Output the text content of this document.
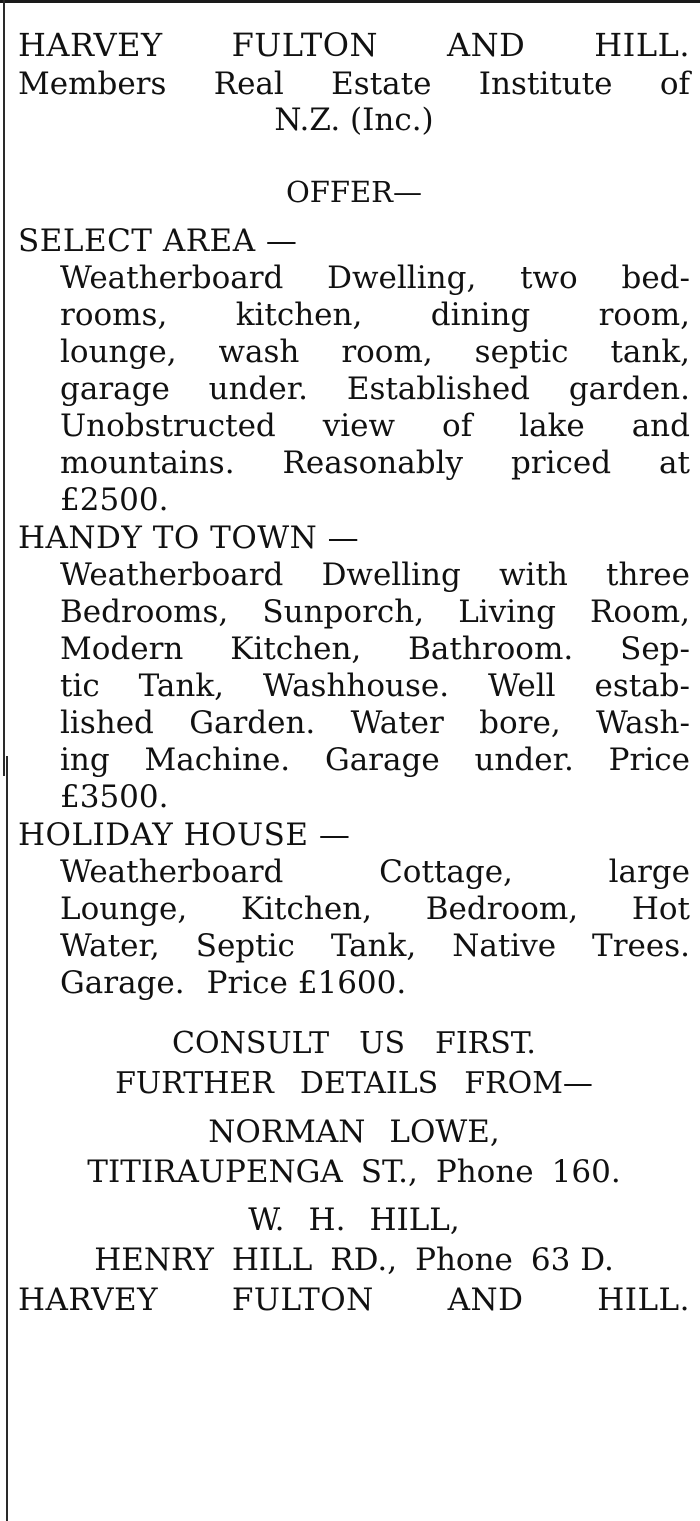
HARVEY FULTON AND HILL.
Members Real Estate Institute of
N.Z. (Inc.)
OFFER—
SELECT AREA —
Weatherboard Dwelling, two bed-
rooms, kitchen, dining room,
lounge, wash room, septic tank,
garage under. Established garden.
Unobstructed view of lake and
mountains. Reasonably priced at
£2500.
HANDY TO TOWN —
Weatherboard Dwelling with three
Bedrooms, Sunporch, Living Room,
Modern Kitchen, Bathroom. Sep-
tic Tank, Washhouse. Well estab-
lished Garden. Water bore, Wash-
ing Machine. Garage under. Price
£3500.
HOLIDAY HOUSE —
Weatherboard	Cottage,	large
Lounge, Kitchen, Bedroom, Hot
Water, Septic Tank, Native Trees.
Garage. Price £1600.
CONSULT US FIRST.
FURTHER DETAILS FROM—
NORMAN LOWE,
TITIRAUPENGA ST., Phone 160.
W. H. HILL,
HENRY HILL RD., Phone 63 D.
HARVEY FULTON AND HILL.
